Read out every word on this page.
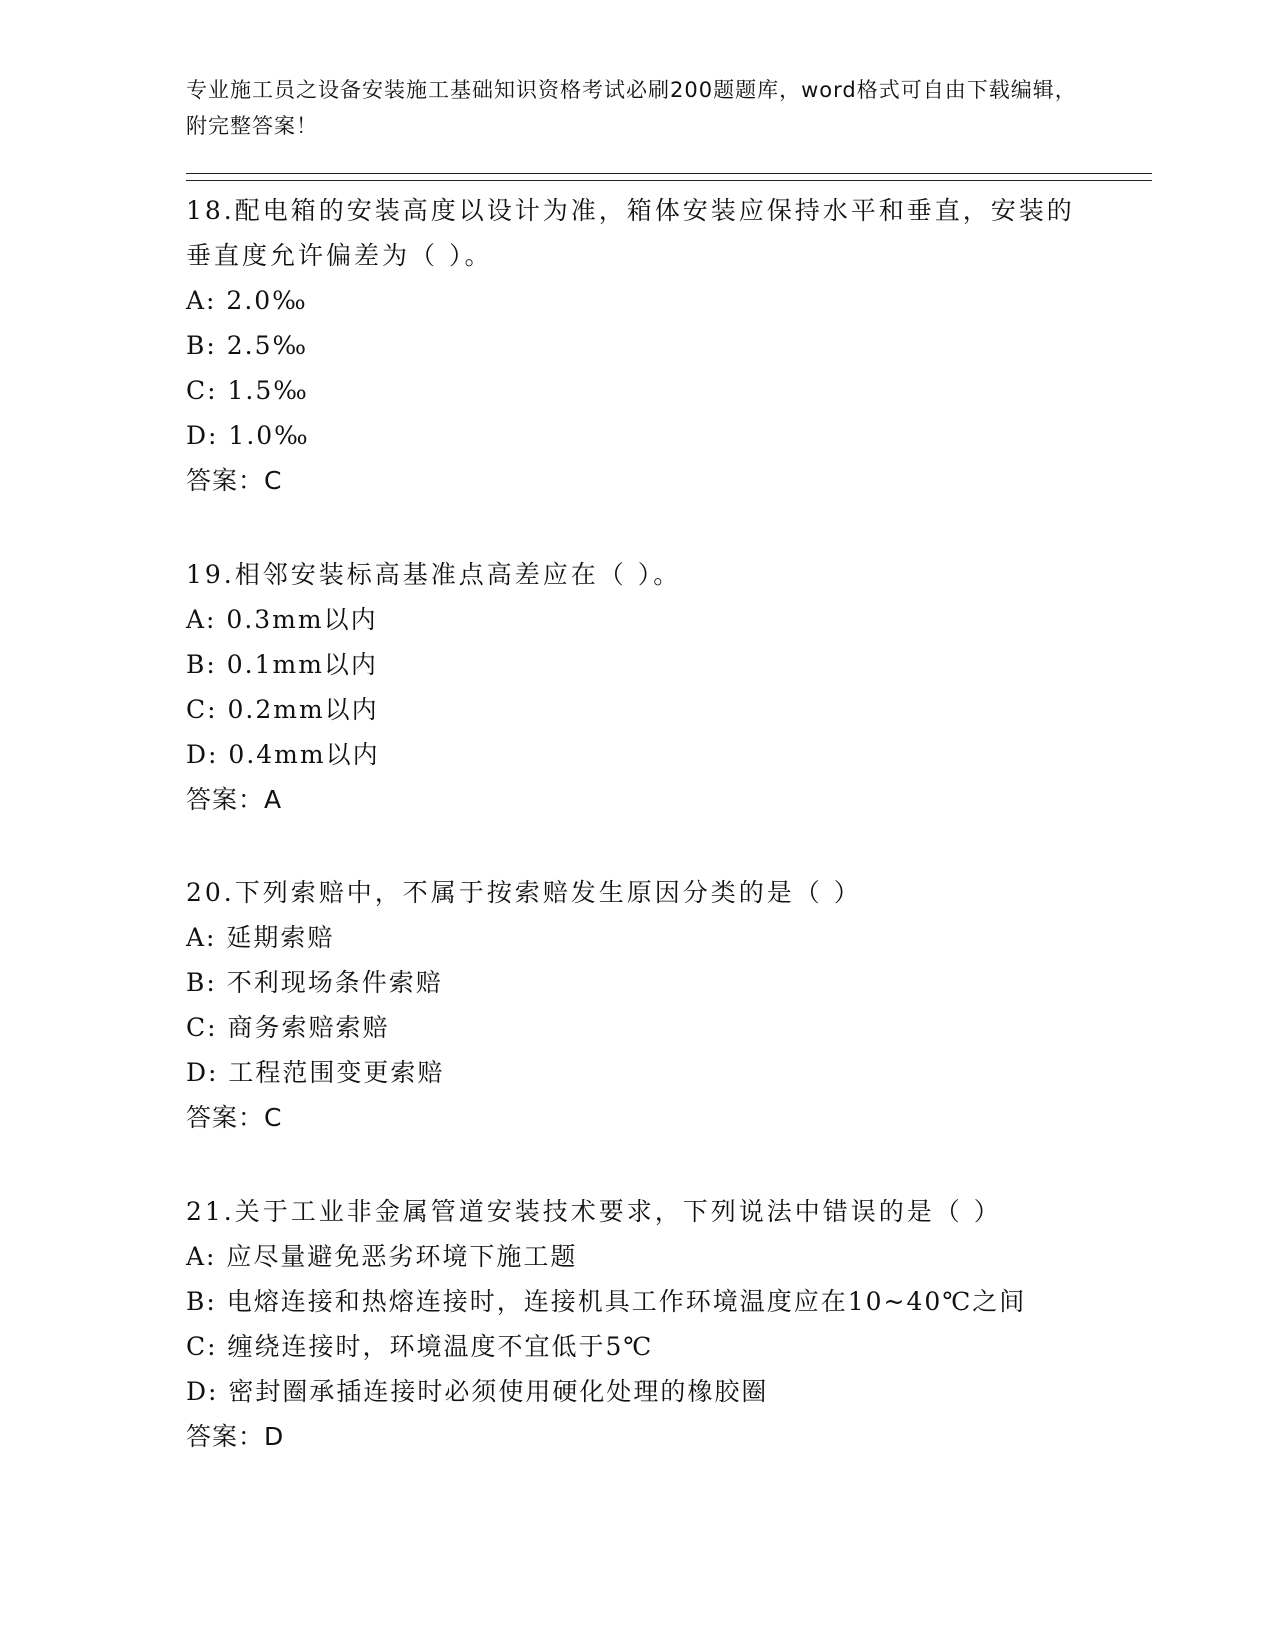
专业施工员之设备安装施工基础知识资格考试必刷200题题库，word格式可自由下载编辑，附完整答案！

18.配电箱的安装高度以设计为准，箱体安装应保持水平和垂直，安装的垂直度允许偏差为（ ）。

A: 2.0‰

B: 2.5‰

C: 1.5‰

D: 1.0‰

答案：C

19.相邻安装标高基准点高差应在（ ）。

A: 0.3mm以内

B: 0.1mm以内

C: 0.2mm以内

D: 0.4mm以内

答案：A

20.下列索赔中，不属于按索赔发生原因分类的是（ ）

A: 延期索赔

B: 不利现场条件索赔

C: 商务索赔索赔

D: 工程范围变更索赔

答案：C

21.关于工业非金属管道安装技术要求，下列说法中错误的是（ ）

A: 应尽量避免恶劣环境下施工题

B: 电熔连接和热熔连接时，连接机具工作环境温度应在10~40℃之间

C: 缠绕连接时，环境温度不宜低于5℃

D: 密封圈承插连接时必须使用硬化处理的橡胶圈

答案：D
